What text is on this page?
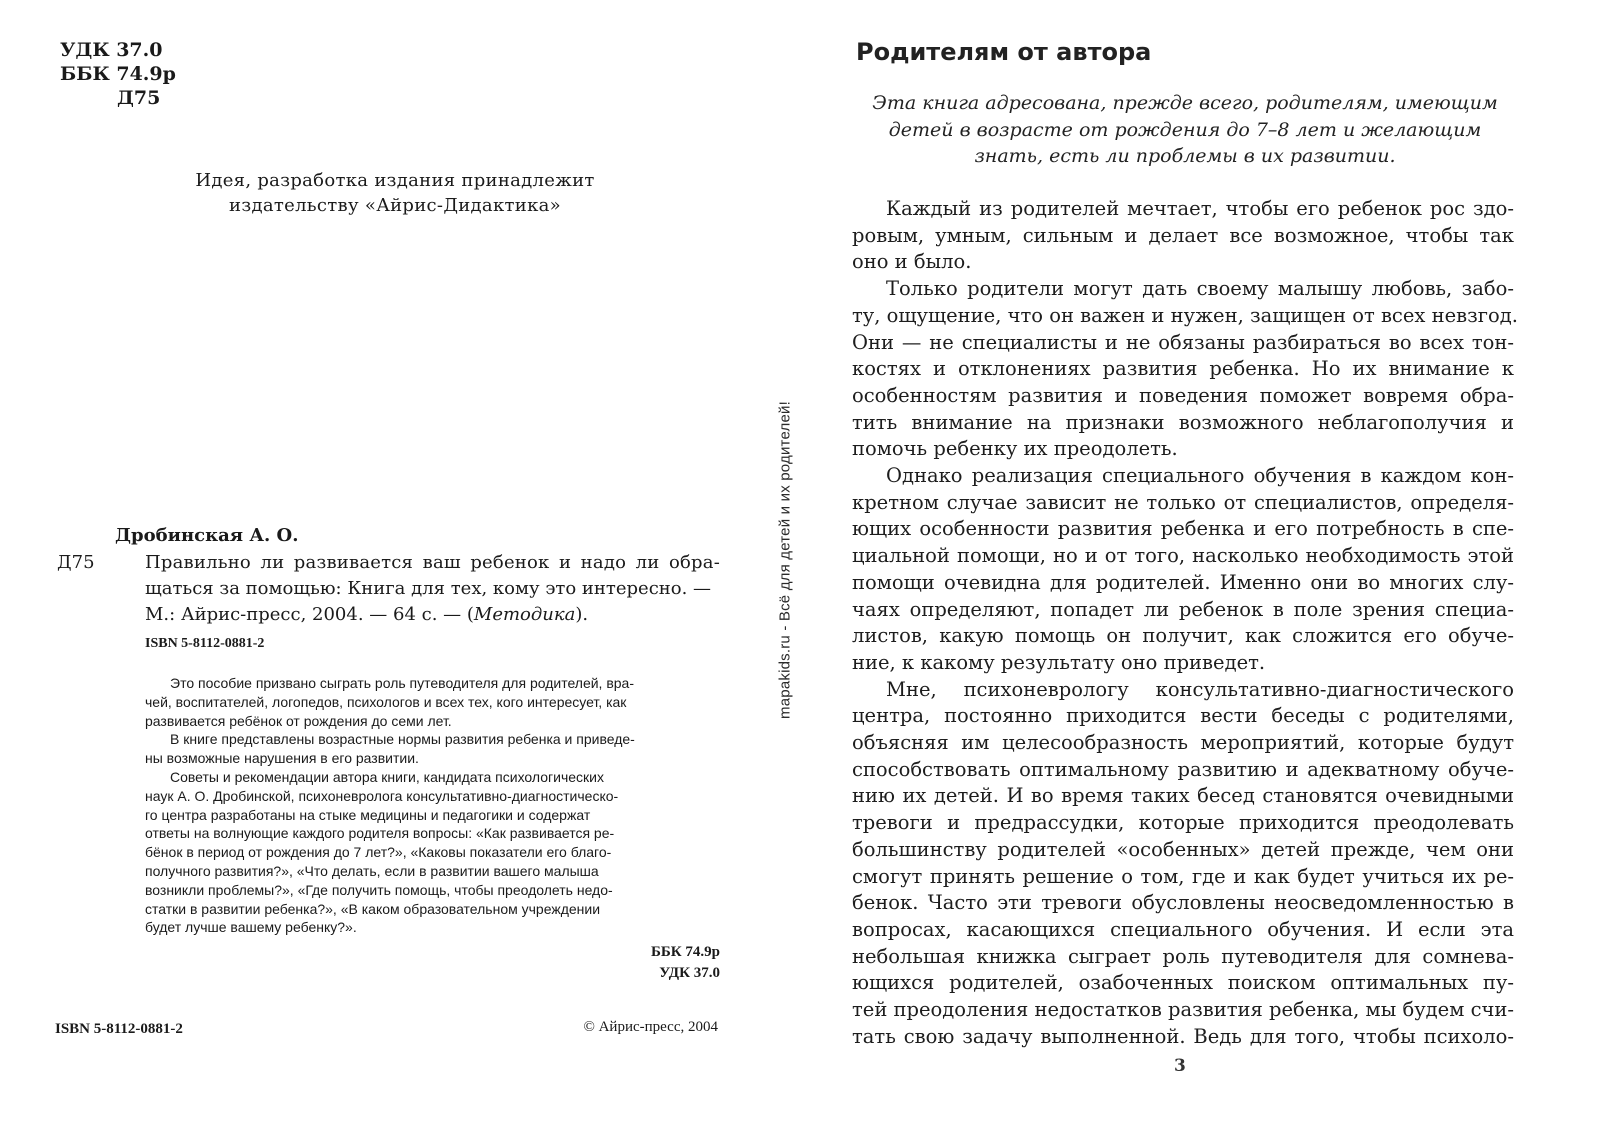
УДК 37.0
ББК 74.9р
Д75
Идея, разработка издания принадлежит
издательству «Айрис-Дидактика»
Дробинская А. О.
Д75	Правильно ли развивается ваш ребенок и надо ли обра-
щаться за помощью: Книга для тех, кому это интересно. —
М.: Айрис-пресс, 2004. — 64 с. — (Методика).
ISBN 5-8112-0881-2
Это пособие призвано сыграть роль путеводителя для родителей, вра-
чей, воспитателей, логопедов, психологов и всех тех, кого интересует, как
развивается ребёнок от рождения до семи лет.
В книге представлены возрастные нормы развития ребенка и приведе-
ны возможные нарушения в его развитии.
Советы и рекомендации автора книги, кандидата психологических
наук А. О. Дробинской, психоневролога консультативно-диагностическо-
го центра разработаны на стыке медицины и педагогики и содержат
ответы на волнующие каждого родителя вопросы: «Как развивается ре-
бёнок в период от рождения до 7 лет?», «Каковы показатели его благо-
получного развития?», «Что делать, если в развитии вашего малыша
возникли проблемы?», «Где получить помощь, чтобы преодолеть недо-
статки в развитии ребенка?», «В каком образовательном учреждении
будет лучше вашему ребенку?».
ББК 74.9р
УДК 37.0
ISBN 5-8112-0881-2	© Айрис-пресс, 2004
mapakids.ru - Всё для детей и их родителей!
Родителям от автора
Эта книга адресована, прежде всего, родителям, имеющим
детей в возрасте от рождения до 7–8 лет и желающим
знать, есть ли проблемы в их развитии.
Каждый из родителей мечтает, чтобы его ребенок рос здо-
ровым, умным, сильным и делает все возможное, чтобы так
оно и было.
Только родители могут дать своему малышу любовь, забо-
ту, ощущение, что он важен и нужен, защищен от всех невзгод.
Они — не специалисты и не обязаны разбираться во всех тон-
костях и отклонениях развития ребенка. Но их внимание к
особенностям развития и поведения поможет вовремя обра-
тить внимание на признаки возможного неблагополучия и
помочь ребенку их преодолеть.
Однако реализация специального обучения в каждом кон-
кретном случае зависит не только от специалистов, определя-
ющих особенности развития ребенка и его потребность в спе-
циальной помощи, но и от того, насколько необходимость этой
помощи очевидна для родителей. Именно они во многих слу-
чаях определяют, попадет ли ребенок в поле зрения специа-
листов, какую помощь он получит, как сложится его обуче-
ние, к какому результату оно приведет.
Мне, психоневрологу консультативно-диагностического
центра, постоянно приходится вести беседы с родителями,
объясняя им целесообразность мероприятий, которые будут
способствовать оптимальному развитию и адекватному обуче-
нию их детей. И во время таких бесед становятся очевидными
тревоги и предрассудки, которые приходится преодолевать
большинству родителей «особенных» детей прежде, чем они
смогут принять решение о том, где и как будет учиться их ре-
бенок. Часто эти тревоги обусловлены неосведомленностью в
вопросах, касающихся специального обучения. И если эта
небольшая книжка сыграет роль путеводителя для сомнева-
ющихся родителей, озабоченных поиском оптимальных пу-
тей преодоления недостатков развития ребенка, мы будем счи-
тать свою задачу выполненной. Ведь для того, чтобы психоло-
3
